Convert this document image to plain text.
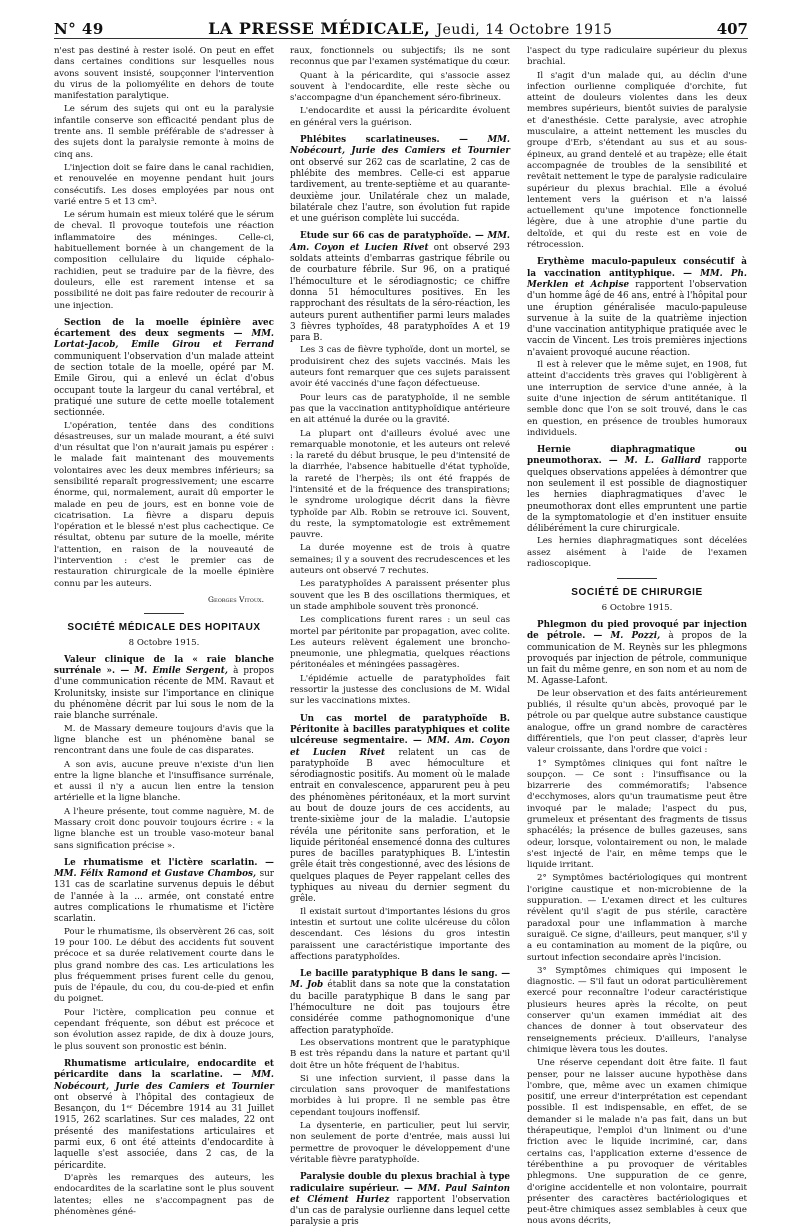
N° 49	LA PRESSE MÉDICALE, Jeudi, 14 Octobre 1915	407

n'est pas destiné à rester isolé. On peut en effet dans certaines conditions sur lesquelles nous avons souvent insisté, soupçonner l'intervention du virus de la poliomyélite en dehors de toute manifestation paralytique.

Le sérum des sujets qui ont eu la paralysie infantile conserve son efficacité pendant plus de trente ans. Il semble préférable de s'adresser à des sujets dont la paralysie remonte à moins de cinq ans.

L'injection doit se faire dans le canal rachidien, et renouvelée en moyenne pendant huit jours consécutifs. Les doses employées par nous ont varié entre 5 et 13 cm³.

Le sérum humain est mieux toléré que le sérum de cheval. Il provoque toutefois une réaction inflammatoire des méninges. Celle-ci, habituellement bornée à un changement de la composition cellulaire du liquide céphalo-rachidien, peut se traduire par de la fièvre, des douleurs, elle est rarement intense et sa possibilité ne doit pas faire redouter de recourir à une injection.

Section de la moelle épinière avec écartement des deux segments — MM. Lortat-Jacob, Emile Girou et Ferrand communiquent l'observation d'un malade atteint de section totale de la moelle, opéré par M. Emile Girou, qui a enlevé un éclat d'obus occupant toute la largeur du canal vertébral, et pratiqué une suture de cette moelle totalement sectionnée.

L'opération, tentée dans des conditions désastreuses, sur un malade mourant, a été suivi d'un résultat que l'on n'aurait jamais pu espérer : le malade fait maintenant des mouvements volontaires avec les deux membres inférieurs; sa sensibilité reparaît progressivement; une escarre énorme, qui, normalement, aurait dû emporter le malade en peu de jours, est en bonne voie de cicatrisation. La fièvre a disparu depuis l'opération et le blessé n'est plus cachectique. Ce résultat, obtenu par suture de la moelle, mérite l'attention, en raison de la nouveauté de l'intervention : c'est le premier cas de restauration chirurgicale de la moelle épinière connu par les auteurs.

Georges Vitoux.

SOCIÉTÉ MÉDICALE DES HOPITAUX

8 Octobre 1915.

Valeur clinique de la « raie blanche surrénale ». — M. Emile Sergent, à propos d'une communication récente de MM. Ravaut et Krolunitsky, insiste sur l'importance en clinique du phénomène décrit par lui sous le nom de la raie blanche surrénale.

M. de Massary demeure toujours d'avis que la ligne blanche est un phénomène banal se rencontrant dans une foule de cas disparates.

A son avis, aucune preuve n'existe d'un lien entre la ligne blanche et l'insuffisance surrénale, et aussi il n'y a aucun lien entre la tension artérielle et la ligne blanche.

A l'heure présente, tout comme naguère, M. de Massary croit donc pouvoir toujours écrire : « la ligne blanche est un trouble vaso-moteur banal sans signification précise ».

Le rhumatisme et l'ictère scarlatin. — MM. Félix Ramond et Gustave Chambos, sur 131 cas de scarlatine survenus depuis le début de l'année à la ... armée, ont constaté entre autres complications le rhumatisme et l'ictère scarlatin.

Pour le rhumatisme, ils observèrent 26 cas, soit 19 pour 100. Le début des accidents fut souvent précoce et sa durée relativement courte dans le plus grand nombre des cas. Les articulations les plus fréquemment prises furent celle du genou, puis de l'épaule, du cou, du cou-de-pied et enfin du poignet.

Pour l'ictère, complication peu connue et cependant fréquente, son début est précoce et son évolution assez rapide, de dix à douze jours, le plus souvent son pronostic est bénin.

Rhumatisme articulaire, endocardite et péricardite dans la scarlatine. — MM. Nobécourt, Jurie des Camiers et Tournier ont observé à l'hôpital des contagieux de Besançon, du 1ᵉʳ Décembre 1914 au 31 Juillet 1915, 262 scarlatines. Sur ces malades, 22 ont présenté des manifestations articulaires et parmi eux, 6 ont été atteints d'endocardite à laquelle s'est associée, dans 2 cas, de la péricardite.

D'après les remarques des auteurs, les endocardites de la scarlatine sont le plus souvent latentes; elles ne s'accompagnent pas de phénomènes géné-

raux, fonctionnels ou subjectifs; ils ne sont reconnus que par l'examen systématique du cœur.

Quant à la péricardite, qui s'associe assez souvent à l'endocardite, elle reste sèche ou s'accompagne d'un épanchement séro-fibrineux.

L'endocardite et aussi la péricardite évoluent en général vers la guérison.

Phlébites scarlatineuses. — MM. Nobécourt, Jurie des Camiers et Tournier ont observé sur 262 cas de scarlatine, 2 cas de phlébite des membres. Celle-ci est apparue tardivement, au trente-septième et au quarante-deuxième jour. Unilatérale chez un malade, bilatérale chez l'autre, son évolution fut rapide et une guérison complète lui succéda.
Etude sur 66 cas de paratyphoïde. — MM. Am. Coyon et Lucien Rivet ont observé 293 soldats atteints d'embarras gastrique fébrile ou de courbature fébrile. Sur 96, on a pratiqué l'hémoculture et le sérodiagnostic; ce chiffre donna 51 hémocultures positives. En les rapprochant des résultats de la séro-réaction, les auteurs purent authentifier parmi leurs malades 3 fièvres typhoïdes, 48 paratyphoïdes A et 19 para B.

Les 3 cas de fièvre typhoïde, dont un mortel, se produisirent chez des sujets vaccinés. Mais les auteurs font remarquer que ces sujets paraissent avoir été vaccinés d'une façon défectueuse.

Pour leurs cas de paratyphoïde, il ne semble pas que la vaccination antityphoïdique antérieure en ait atténué la durée ou la gravité.

La plupart ont d'ailleurs évolué avec une remarquable monotonie, et les auteurs ont relevé : la rareté du début brusque, le peu d'intensité de la diarrhée, l'absence habituelle d'état typhoïde, la rareté de l'herpès; ils ont été frappés de l'intensité et de la fréquence des transpirations; le syndrome urologique décrit dans la fièvre typhoïde par Alb. Robin se retrouve ici. Souvent, du reste, la symptomatologie est extrêmement pauvre.

La durée moyenne est de trois à quatre semaines; il y a souvent des recrudescences et les auteurs ont observé 7 rechutes.

Les paratyphoïdes A paraissent présenter plus souvent que les B des oscillations thermiques, et un stade amphibole souvent très prononcé.

Les complications furent rares : un seul cas mortel par péritonite par propagation, avec colite. Les auteurs relèvent également une broncho-pneumonie, une phlegmatia, quelques réactions péritonéales et méningées passagères.

L'épidémie actuelle de paratyphoïdes fait ressortir la justesse des conclusions de M. Widal sur les vaccinations mixtes.

Un cas mortel de paratyphoïde B. Péritonite à bacilles paratyphiques et colite ulcéreuse segmentaire. — MM. Am. Coyon et Lucien Rivet relatent un cas de paratyphoïde B avec hémoculture et sérodiagnostic positifs. Au moment où le malade entrait en convalescence, apparurent peu à peu des phénomènes péritonéaux, et la mort survint au bout de douze jours de ces accidents, au trente-sixième jour de la maladie. L'autopsie révéla une péritonite sans perforation, et le liquide péritonéal ensemencé donna des cultures pures de bacilles paratyphiques B. L'intestin grêle était très congestionné, avec des lésions de quelques plaques de Peyer rappelant celles des typhiques au niveau du dernier segment du grêle.

Il existait surtout d'importantes lésions du gros intestin et surtout une colite ulcéreuse du côlon descendant. Ces lésions du gros intestin paraissent une caractéristique importante des affections paratyphoïdes.

Le bacille paratyphique B dans le sang. — M. Job établit dans sa note que la constatation du bacille paratyphique B dans le sang par l'hémoculture ne doit pas toujours être considérée comme pathognomonique d'une affection paratyphoïde.

Les observations montrent que le paratyphique B est très répandu dans la nature et partant qu'il doit être un hôte fréquent de l'habitus.

Si une infection survient, il passe dans la circulation sans provoquer de manifestations morbides à lui propre. Il ne semble pas être cependant toujours inoffensif.

La dysenterie, en particulier, peut lui servir, non seulement de porte d'entrée, mais aussi lui permettre de provoquer le développement d'une véritable fièvre paratyphoïde.

Paralysie double du plexus brachial à type radiculaire supérieur. — MM. Paul Sainton et Clément Huriez rapportent l'observation d'un cas de paralysie ourlienne dans lequel cette paralysie a pris

l'aspect du type radiculaire supérieur du plexus brachial.

Il s'agit d'un malade qui, au déclin d'une infection ourlienne compliquée d'orchite, fut atteint de douleurs violentes dans les deux membres supérieurs, bientôt suivies de paralysie et d'anesthésie. Cette paralysie, avec atrophie musculaire, a atteint nettement les muscles du groupe d'Erb, s'étendant au sus et au sous-épineux, au grand dentelé et au trapèze; elle était accompagnée de troubles de la sensibilité et revêtait nettement le type de paralysie radiculaire supérieur du plexus brachial. Elle a évolué lentement vers la guérison et n'a laissé actuellement qu'une impotence fonctionnelle légère, due à une atrophie d'une partie du deltoïde, et qui du reste est en voie de rétrocession.

Erythème maculo-papuleux consécutif à la vaccination antityphique. — MM. Ph. Merklen et Achpise rapportent l'observation d'un homme âgé de 46 ans, entré à l'hôpital pour une éruption généralisée maculo-papuleuse survenue à la suite de la quatrième injection d'une vaccination antityphique pratiquée avec le vaccin de Vincent. Les trois premières injections n'avaient provoqué aucune réaction.

Il est à relever que le même sujet, en 1908, fut atteint d'accidents très graves qui l'obligèrent à une interruption de service d'une année, à la suite d'une injection de sérum antitétanique. Il semble donc que l'on se soit trouvé, dans le cas en question, en présence de troubles humoraux individuels.

Hernie diaphragmatique ou pneumothorax. — M. L. Galliard rapporte quelques observations appelées à démontrer que non seulement il est possible de diagnostiquer les hernies diaphragmatiques d'avec le pneumothorax dont elles empruntent une partie de la symptomatologie et d'en instituer ensuite délibérément la cure chirurgicale.

Les hernies diaphragmatiques sont décelées assez aisément à l'aide de l'examen radioscopique.

SOCIÉTÉ DE CHIRURGIE

6 Octobre 1915.

Phlegmon du pied provoqué par injection de pétrole. — M. Pozzi, à propos de la communication de M. Reynès sur les phlegmons provoqués par injection de pétrole, communique un fait du même genre, en son nom et au nom de M. Agasse-Lafont.

De leur observation et des faits antérieurement publiés, il résulte qu'un abcès, provoqué par le pétrole ou par quelque autre substance caustique analogue, offre un grand nombre de caractères différentiels, que l'on peut classer, d'après leur valeur croissante, dans l'ordre que voici :

1° Symptômes cliniques qui font naître le soupçon. — Ce sont : l'insuffisance ou la bizarrerie des commémoratifs; l'absence d'ecchymoses, alors qu'un traumatisme peut être invoqué par le malade; l'aspect du pus, grumeleux et présentant des fragments de tissus sphacélés; la présence de bulles gazeuses, sans odeur, lorsque, volontairement ou non, le malade s'est injecté de l'air, en même temps que le liquide irritant.

2° Symptômes bactériologiques qui montrent l'origine caustique et non-microbienne de la suppuration. — L'examen direct et les cultures révèlent qu'il s'agit de pus stérile, caractère paradoxal pour une inflammation à marche suraiguë. Ce signe, d'ailleurs, peut manquer, s'il y a eu contamination au moment de la piqûre, ou surtout infection secondaire après l'incision.

3° Symptômes chimiques qui imposent le diagnostic. — S'il faut un odorat particulièrement exercé pour reconnaître l'odeur caractéristique plusieurs heures après la récolte, on peut conserver qu'un examen immédiat ait des chances de donner à tout observateur des renseignements précieux. D'ailleurs, l'analyse chimique lèvera tous les doutes.

Une réserve cependant doit être faite. Il faut penser, pour ne laisser aucune hypothèse dans l'ombre, que, même avec un examen chimique positif, une erreur d'interprétation est cependant possible. Il est indispensable, en effet, de se demander si le malade n'a pas fait, dans un but thérapeutique, l'emploi d'un liniment ou d'une friction avec le liquide incriminé, car, dans certains cas, l'application externe d'essence de térébenthine a pu provoquer de véritables phlegmons. Une suppuration de ce genre, d'origine accidentelle et non volontaire, pourrait présenter des caractères bactériologiques et peut-être chimiques assez semblables à ceux que nous avons décrits,
